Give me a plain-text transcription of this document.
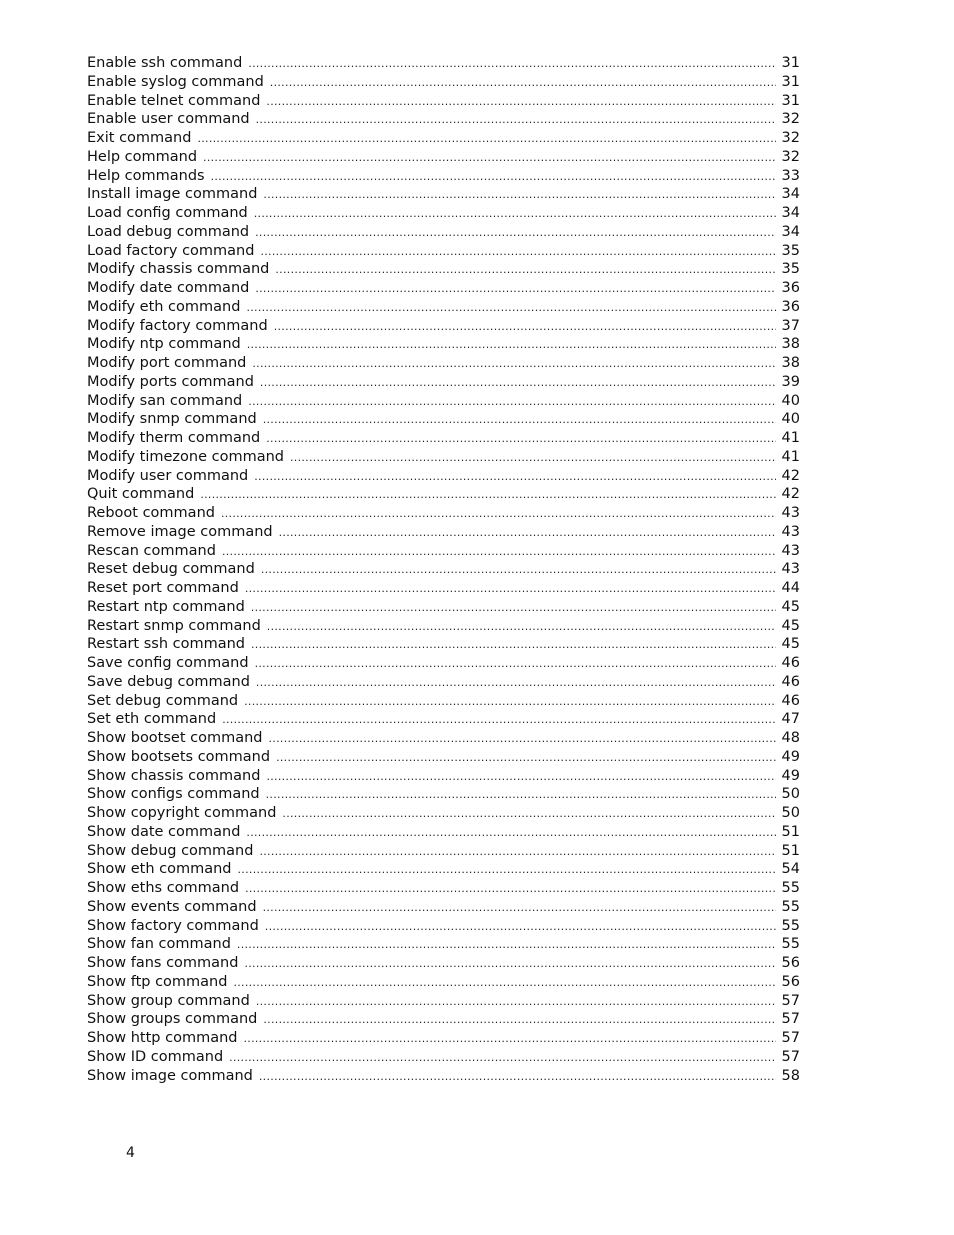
Enable ssh command . . .	31
Enable syslog command . . .	31
Enable telnet command . . .	31
Enable user command . . .	32
Exit command . . .	32
Help command . . .	32
Help commands . . .	33
Install image command . . .	34
Load config command . . .	34
Load debug command . . .	34
Load factory command . . .	35
Modify chassis command . . .	35
Modify date command . . .	36
Modify eth command . . .	36
Modify factory command . . .	37
Modify ntp command . . .	38
Modify port command . . .	38
Modify ports command . . .	39
Modify san command . . .	40
Modify snmp command . . .	40
Modify therm command . . .	41
Modify timezone command . . .	41
Modify user command . . .	42
Quit command . . .	42
Reboot command . . .	43
Remove image command . . .	43
Rescan command . . .	43
Reset debug command . . .	43
Reset port command . . .	44
Restart ntp command . . .	45
Restart snmp command . . .	45
Restart ssh command . . .	45
Save config command . . .	46
Save debug command . . .	46
Set debug command . . .	46
Set eth command . . .	47
Show bootset command . . .	48
Show bootsets command . . .	49
Show chassis command . . .	49
Show configs command . . .	50
Show copyright command . . .	50
Show date command . . .	51
Show debug command . . .	51
Show eth command . . .	54
Show eths command . . .	55
Show events command . . .	55
Show factory command . . .	55
Show fan command . . .	55
Show fans command . . .	56
Show ftp command . . .	56
Show group command . . .	57
Show groups command . . .	57
Show http command . . .	57
Show ID command . . .	57
Show image command . . .	58
4
